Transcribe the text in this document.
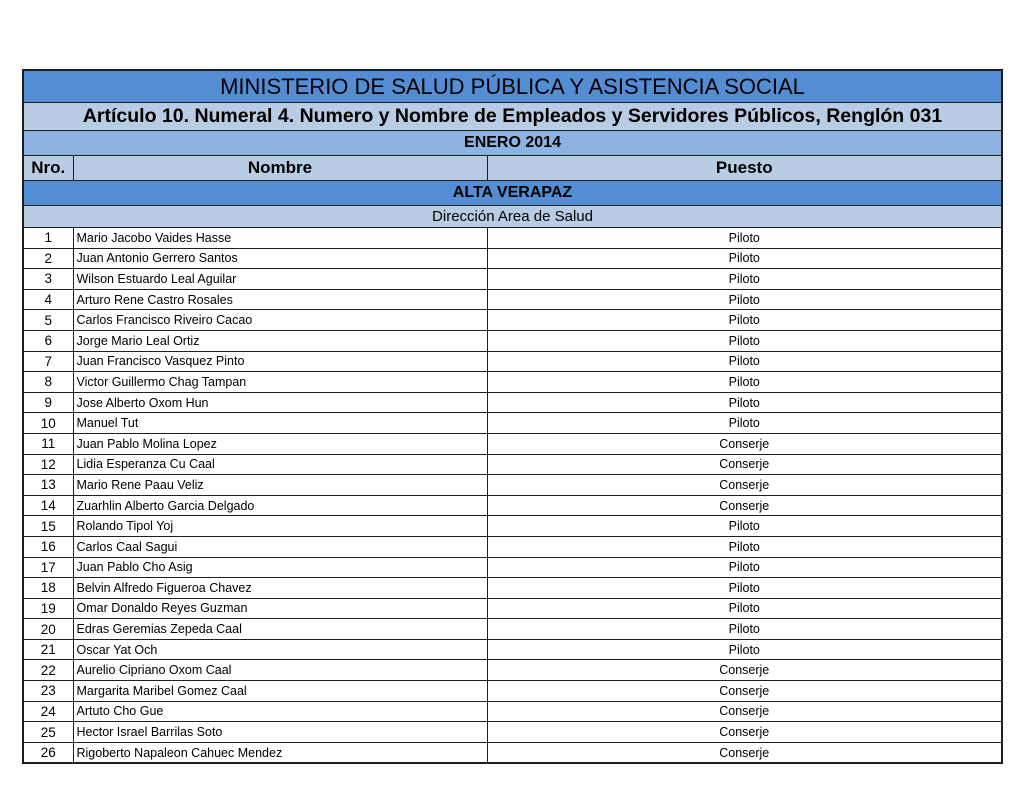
MINISTERIO DE SALUD PÚBLICA Y ASISTENCIA SOCIAL		
Artículo 10. Numeral 4. Numero y Nombre de Empleados y Servidores Públicos, Renglón 031		
ENERO 2014		
Nro.	Nombre	Puesto
ALTA VERAPAZ		
Dirección Area de Salud		
1	Mario Jacobo Vaides Hasse	Piloto
2	Juan Antonio Gerrero Santos	Piloto
3	Wilson Estuardo Leal Aguilar	Piloto
4	Arturo Rene Castro Rosales	Piloto
5	Carlos Francisco Riveiro Cacao	Piloto
6	Jorge Mario Leal Ortiz	Piloto
7	Juan Francisco Vasquez Pinto	Piloto
8	Victor Guillermo Chag Tampan	Piloto
9	Jose Alberto Oxom Hun	Piloto
10	Manuel Tut	Piloto
11	Juan Pablo Molina Lopez	Conserje
12	Lidia Esperanza Cu Caal	Conserje
13	Mario Rene Paau Veliz	Conserje
14	Zuarhlin Alberto Garcia Delgado	Conserje
15	Rolando Tipol Yoj	Piloto
16	Carlos Caal Sagui	Piloto
17	Juan Pablo Cho Asig	Piloto
18	Belvin Alfredo Figueroa Chavez	Piloto
19	Omar Donaldo Reyes Guzman	Piloto
20	Edras Geremias Zepeda Caal	Piloto
21	Oscar Yat Och	Piloto
22	Aurelio Cipriano Oxom Caal	Conserje
23	Margarita Maribel Gomez Caal	Conserje
24	Artuto Cho Gue	Conserje
25	Hector Israel Barrilas Soto	Conserje
26	Rigoberto Napaleon Cahuec Mendez	Conserje
